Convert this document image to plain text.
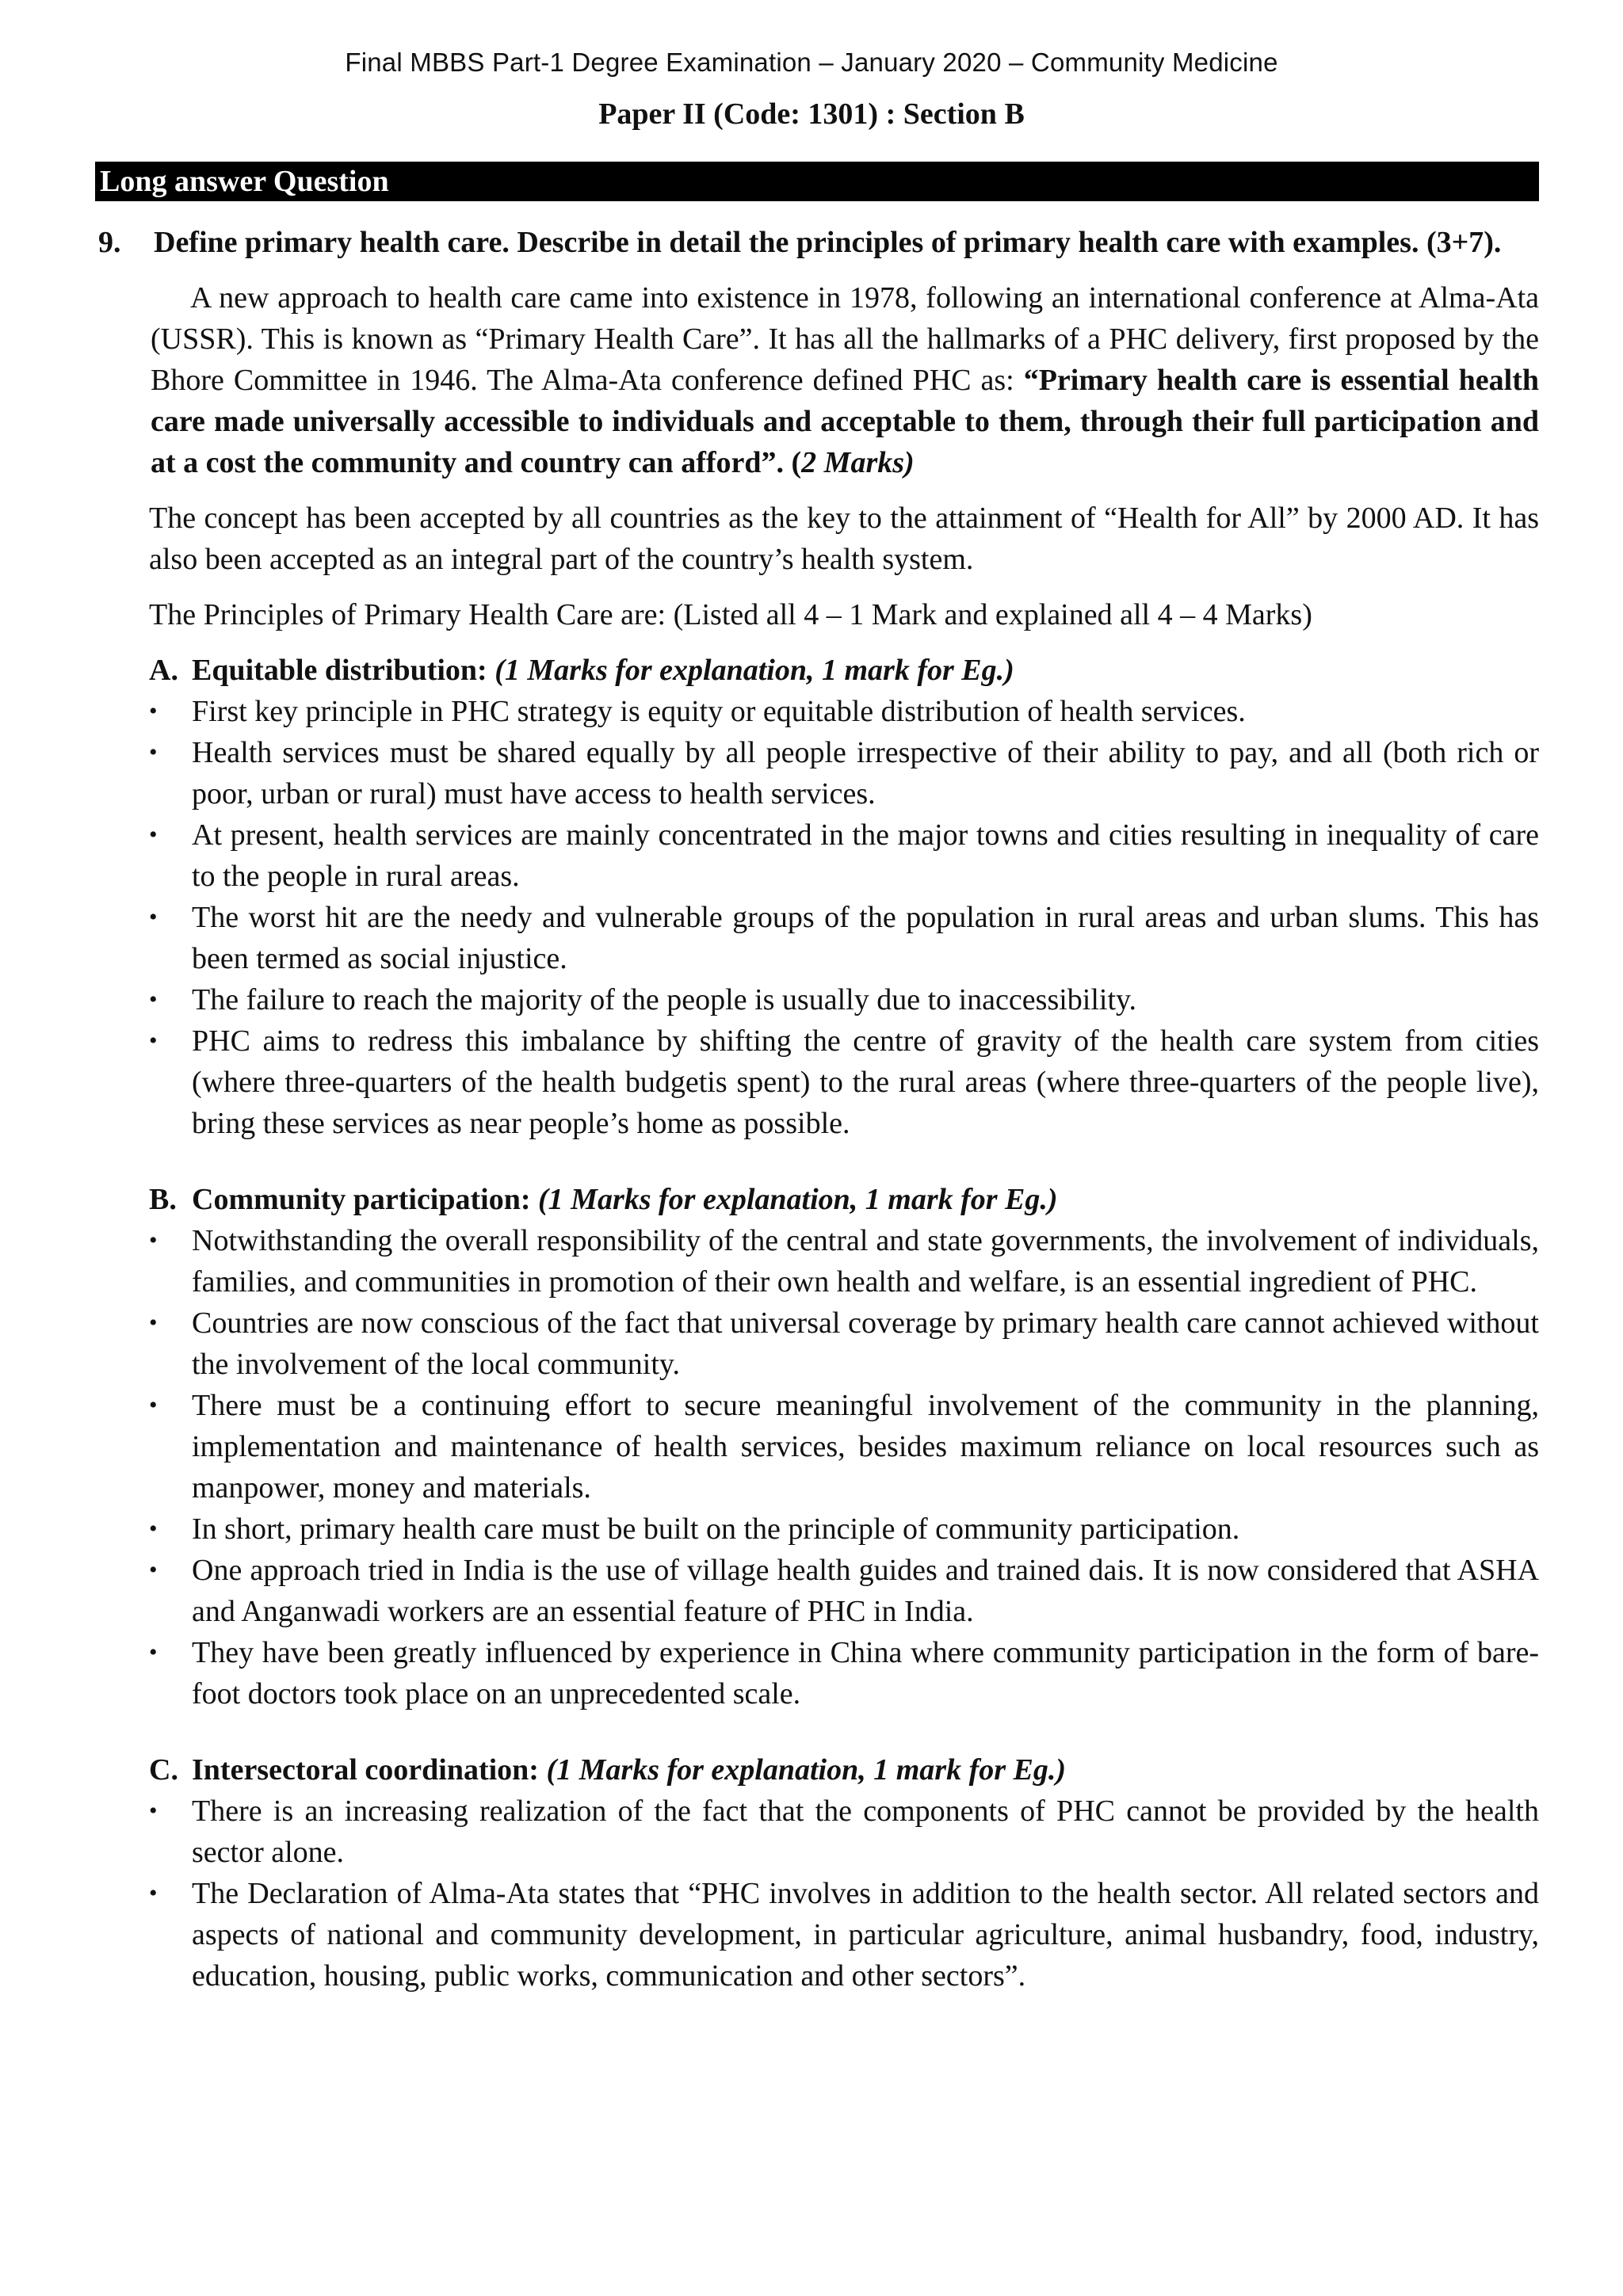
Final MBBS Part-1 Degree Examination – January 2020 – Community Medicine
Paper II (Code: 1301) : Section B
Long answer Question
9.	Define primary health care. Describe in detail the principles of primary health care with examples. (3+7).

A new approach to health care came into existence in 1978, following an international conference at Alma-Ata (USSR). This is known as “Primary Health Care”. It has all the hallmarks of a PHC delivery, first proposed by the Bhore Committee in 1946. The Alma-Ata conference defined PHC as: “Primary health care is essential health care made universally accessible to individuals and acceptable to them, through their full participation and at a cost the community and country can afford”. (2 Marks)

The concept has been accepted by all countries as the key to the attainment of “Health for All” by 2000 AD. It has also been accepted as an integral part of the country’s health system.

The Principles of Primary Health Care are: (Listed all 4 – 1 Mark and explained all 4 – 4 Marks)

A. Equitable distribution: (1 Marks for explanation, 1 mark for Eg.)
•	First key principle in PHC strategy is equity or equitable distribution of health services.
•	Health services must be shared equally by all people irrespective of their ability to pay, and all (both rich or poor, urban or rural) must have access to health services.
•	At present, health services are mainly concentrated in the major towns and cities resulting in inequality of care to the people in rural areas.
•	The worst hit are the needy and vulnerable groups of the population in rural areas and urban slums. This has been termed as social injustice.
•	The failure to reach the majority of the people is usually due to inaccessibility.
•	PHC aims to redress this imbalance by shifting the centre of gravity of the health care system from cities (where three-quarters of the health budgetis spent) to the rural areas (where three-quarters of the people live), bring these services as near people’s home as possible.
B. Community participation: (1 Marks for explanation, 1 mark for Eg.)
•	Notwithstanding the overall responsibility of the central and state governments, the involvement of individuals, families, and communities in promotion of their own health and welfare, is an essential ingredient of PHC.
•	Countries are now conscious of the fact that universal coverage by primary health care cannot achieved without the involvement of the local community.
•	There must be a continuing effort to secure meaningful involvement of the community in the planning, implementation and maintenance of health services, besides maximum reliance on local resources such as manpower, money and materials.
•	In short, primary health care must be built on the principle of community participation.
•	One approach tried in India is the use of village health guides and trained dais. It is now considered that ASHA and Anganwadi workers are an essential feature of PHC in India.
•	They have been greatly influenced by experience in China where community participation in the form of bare-foot doctors took place on an unprecedented scale.
C. Intersectoral coordination: (1 Marks for explanation, 1 mark for Eg.)
•	There is an increasing realization of the fact that the components of PHC cannot be provided by the health sector alone.
•	The Declaration of Alma-Ata states that “PHC involves in addition to the health sector. All related sectors and aspects of national and community development, in particular agriculture, animal husbandry, food, industry, education, housing, public works, communication and other sectors”.
